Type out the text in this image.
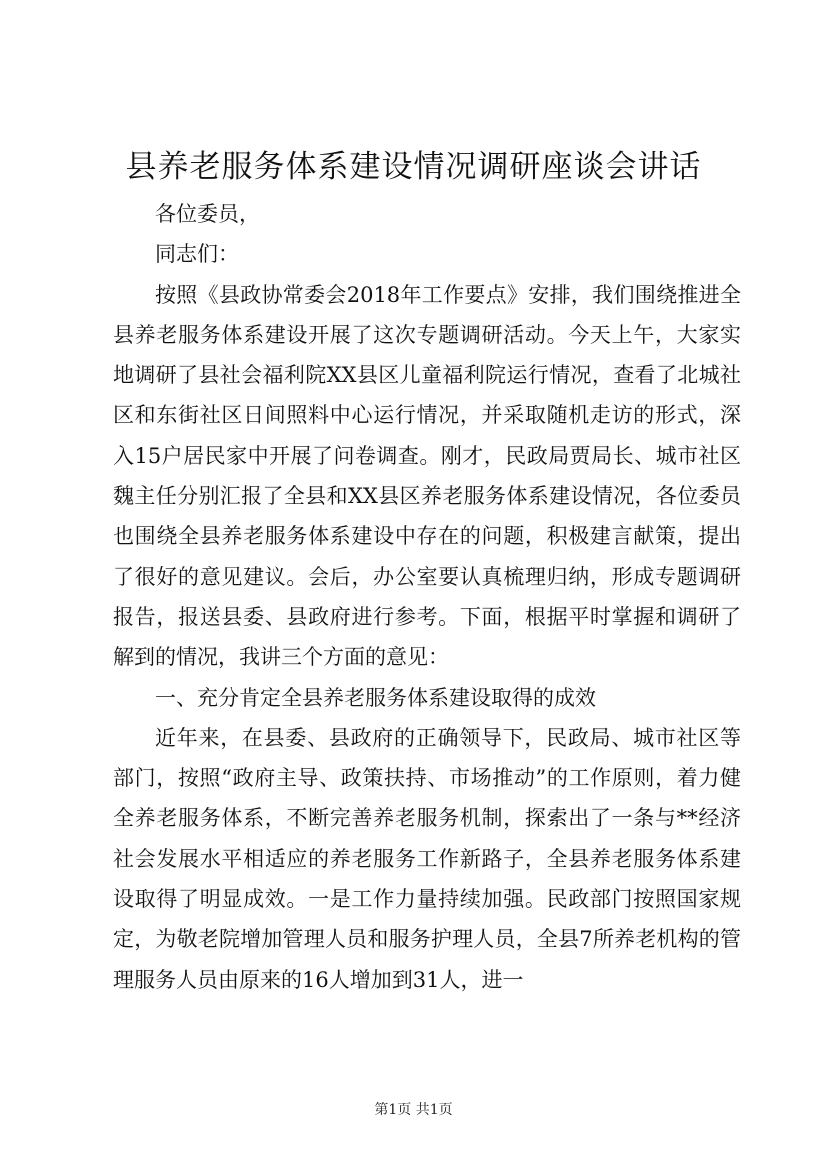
县养老服务体系建设情况调研座谈会讲话

各位委员，

同志们：

按照《县政协常委会2018年工作要点》安排，我们围绕推进全县养老服务体系建设开展了这次专题调研活动。今天上午，大家实地调研了县社会福利院XX县区儿童福利院运行情况，查看了北城社区和东街社区日间照料中心运行情况，并采取随机走访的形式，深入15户居民家中开展了问卷调查。刚才，民政局贾局长、城市社区魏主任分别汇报了全县和XX县区养老服务体系建设情况，各位委员也围绕全县养老服务体系建设中存在的问题，积极建言献策，提出了很好的意见建议。会后，办公室要认真梳理归纳，形成专题调研报告，报送县委、县政府进行参考。下面，根据平时掌握和调研了解到的情况，我讲三个方面的意见：

一、充分肯定全县养老服务体系建设取得的成效

近年来，在县委、县政府的正确领导下，民政局、城市社区等部门，按照“政府主导、政策扶持、市场推动”的工作原则，着力健全养老服务体系，不断完善养老服务机制，探索出了一条与**经济社会发展水平相适应的养老服务工作新路子，全县养老服务体系建设取得了明显成效。一是工作力量持续加强。民政部门按照国家规定，为敬老院增加管理人员和服务护理人员，全县7所养老机构的管理服务人员由原来的16人增加到31人，进一

第1页 共1页
